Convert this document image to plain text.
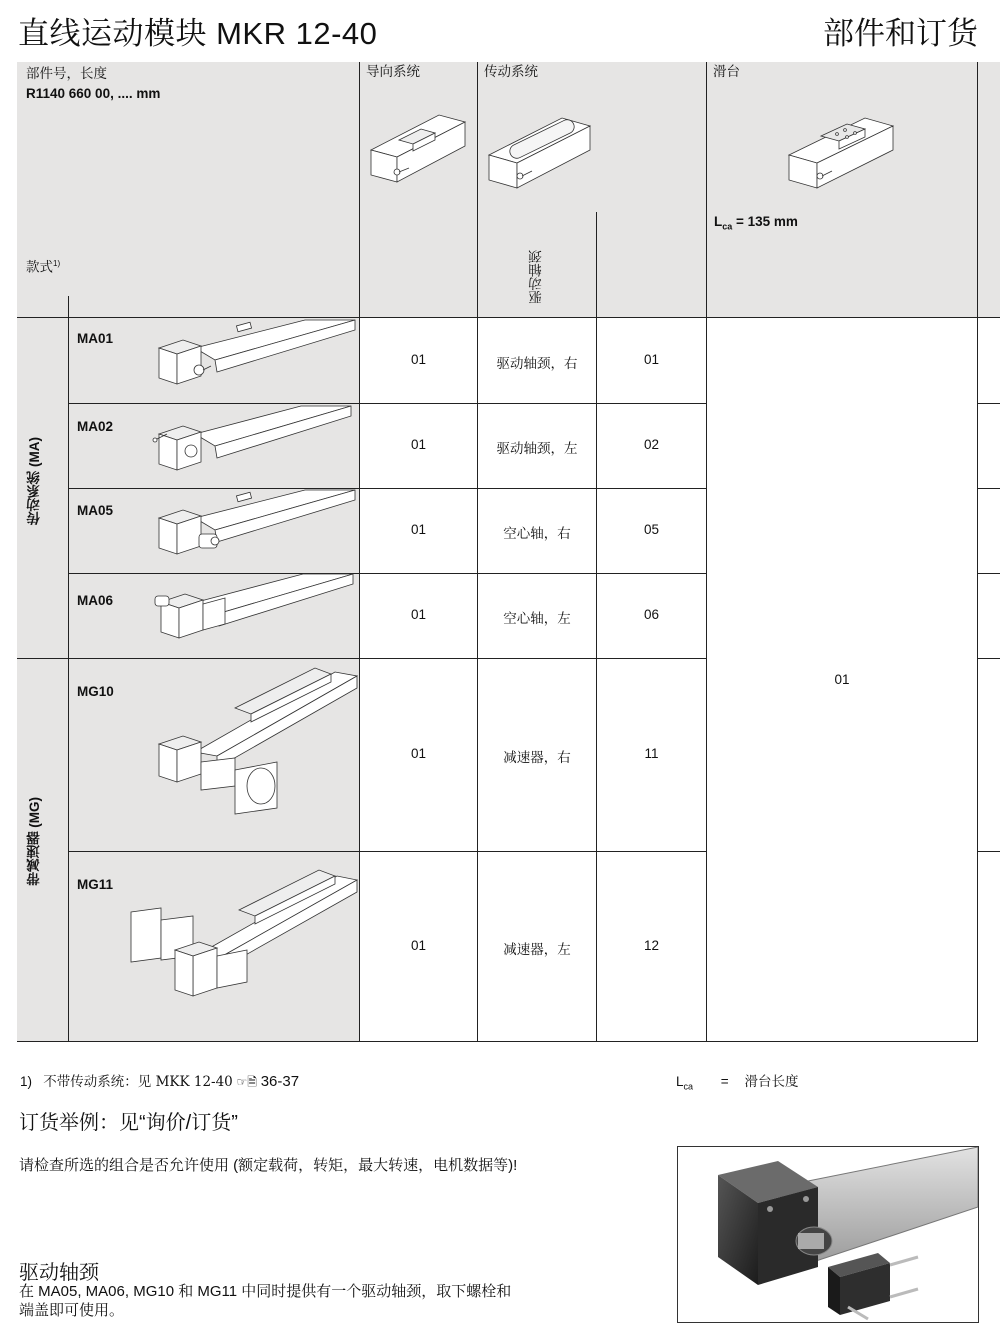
直线运动模块 MKR 12-40	部件和订货
部件号，长度
R1140 660 00, .... mm
款式$^{1)}$
导向系统	传动系统
驱动轴颈
滑台
$L_{ca} = 135$ mm
传动系统 (MA)
带减速器 (MG)
MA01
01	驱动轴颈，右	01
MA02
01	驱动轴颈，左	02
MA05
01	空心轴，右	05
MA06
01	空心轴，左	06
MG10
01	减速器，右	11
MG11
01	减速器，左	12
01
1) 不带传动系统：见 MKK 12-40 ☞🗎 36-37	$L_{ca}$ = 滑台长度
订货举例：见“询价/订货”
请检查所选的组合是否允许使用 (额定载荷，转矩，最大转速，电机数据等)!
驱动轴颈
在 MA05, MA06, MG10 和 MG11 中同时提供有一个驱动轴颈，取下螺栓和
端盖即可使用。
